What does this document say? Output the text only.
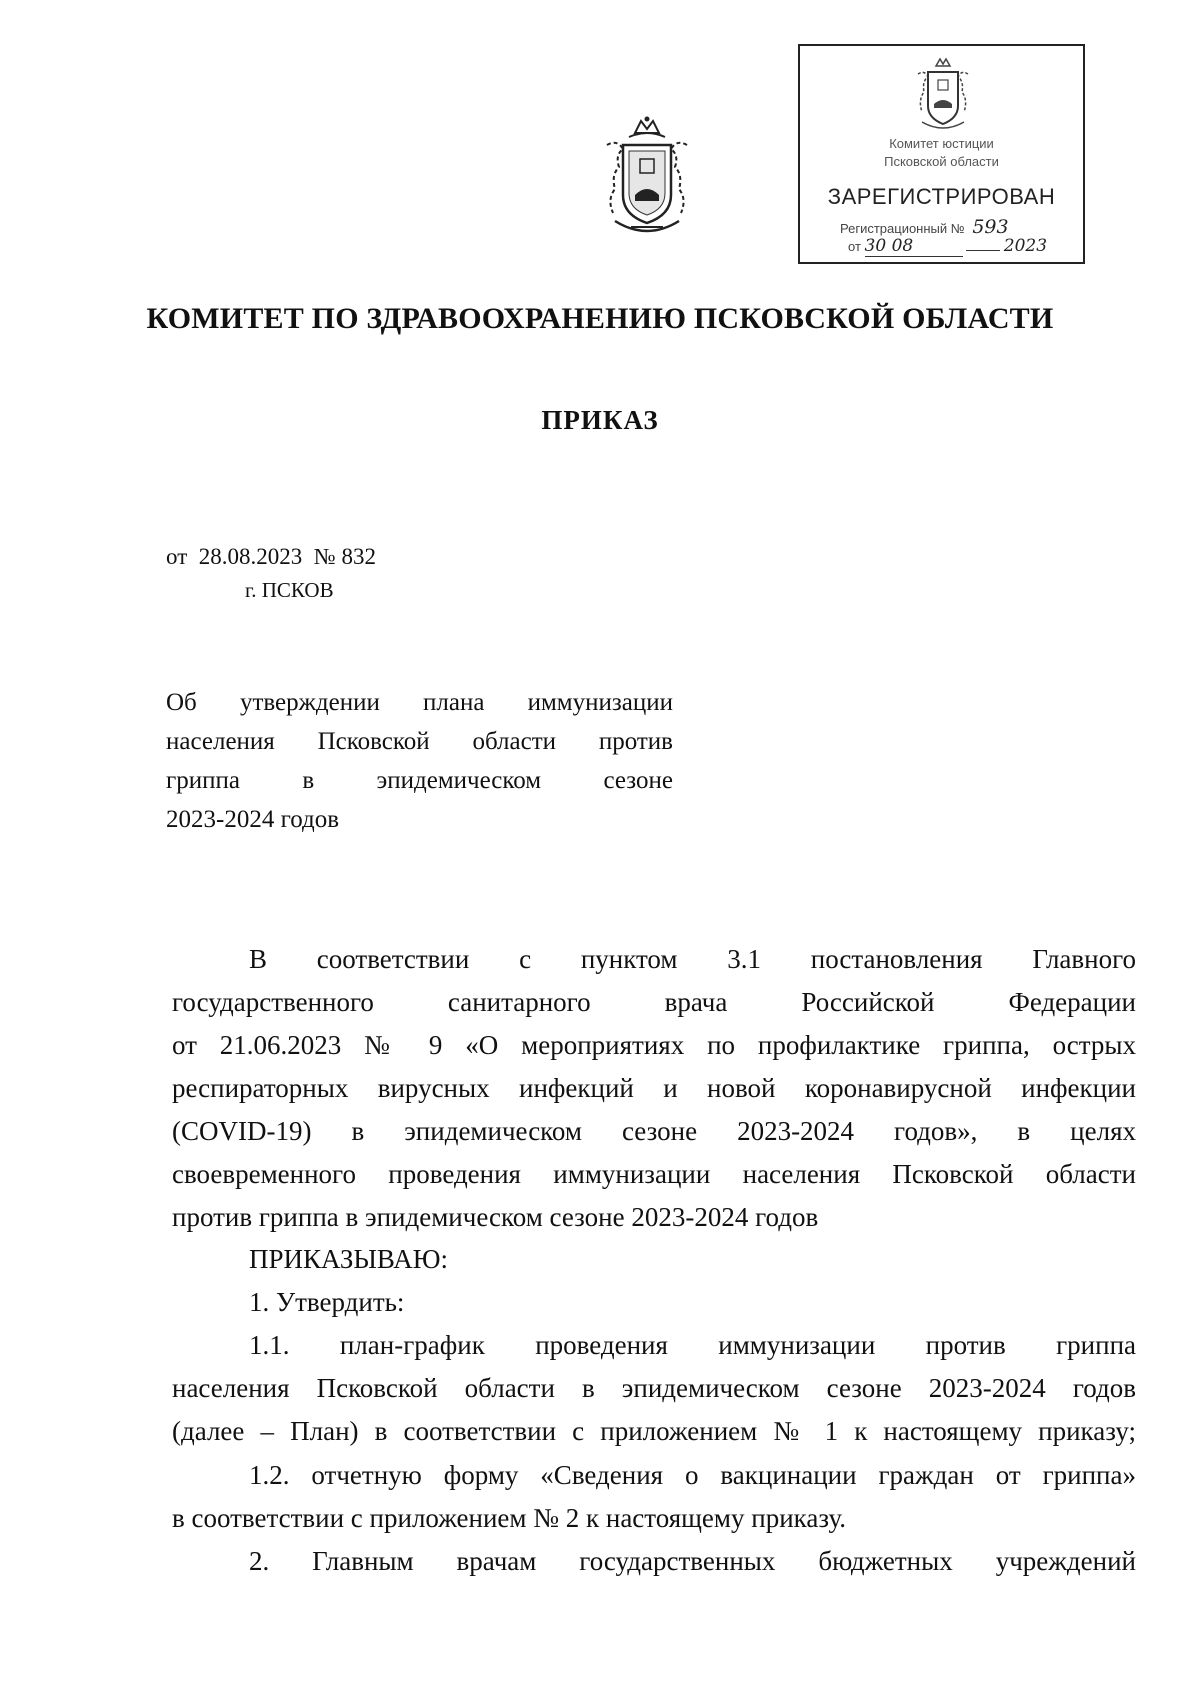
Комитет юстиции
Псковской области
ЗАРЕГИСТРИРОВАН
Регистрационный № 593
от 30 08	2023
КОМИТЕТ ПО ЗДРАВООХРАНЕНИЮ ПСКОВСКОЙ ОБЛАСТИ
ПРИКАЗ
от  28.08.2023  № 832
г. ПСКОВ
Об утверждении плана иммунизации
населения Псковской области против
гриппа в эпидемическом сезоне
2023-2024 годов
В соответствии с пунктом 3.1 постановления Главного
государственного санитарного врача Российской Федерации
от 21.06.2023 № 9 «О мероприятиях по профилактике гриппа, острых
респираторных вирусных инфекций и новой коронавирусной инфекции
(COVID-19) в эпидемическом сезоне 2023-2024 годов», в целях
своевременного проведения иммунизации населения Псковской области
против гриппа в эпидемическом сезоне 2023-2024 годов
ПРИКАЗЫВАЮ:
1. Утвердить:
1.1. план-график проведения иммунизации против гриппа
населения Псковской области в эпидемическом сезоне 2023-2024 годов
(далее – План) в соответствии с приложением № 1 к настоящему приказу;
1.2. отчетную форму «Сведения о вакцинации граждан от гриппа»
в соответствии с приложением № 2 к настоящему приказу.
2. Главным врачам государственных бюджетных учреждений
